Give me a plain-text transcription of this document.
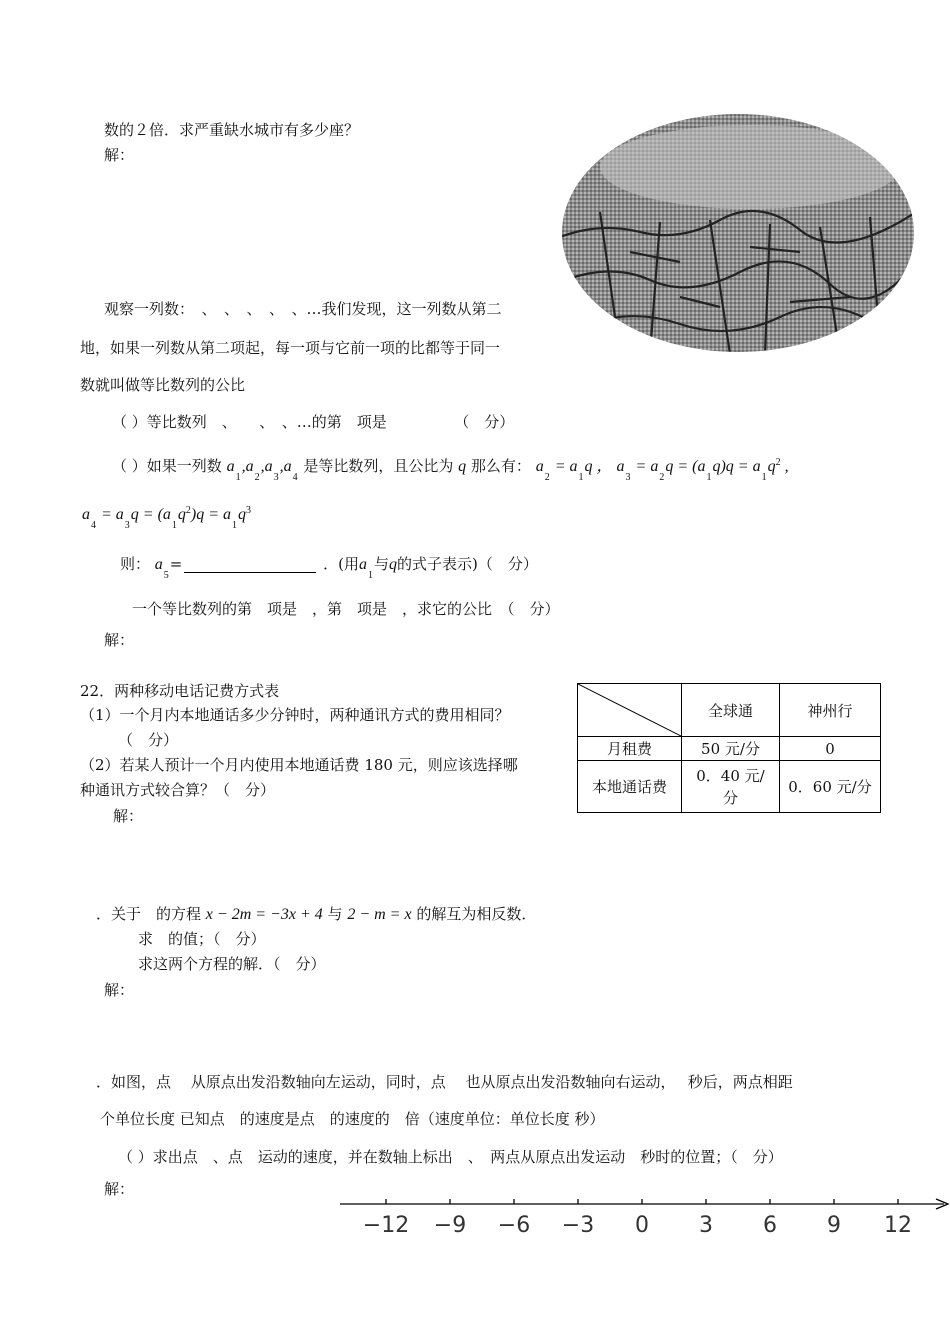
数的２倍．求严重缺水城市有多少座？
解：
观察一列数：　、　、　、　、　、…我们发现，这一列数从第二
地，如果一列数从第二项起，每一项与它前一项的比都等于同一
数就叫做等比数列的公比
（ ）等比数列　、　　、　、…的第　项是　　　　　（　分）
（ ）如果一列数 $a_1,a_2,a_3,a_4$ 是等比数列，且公比为 q 那么有： $a_2 = a_1q$ ， $a_3 = a_2q = (a_1q)q = a_1q^2$ ,
$a_4 = a_3q = (a_1q^2)q = a_1q^3$
则： $a_5=$	．(用$a_1$与q的式子表示)（　分）
一个等比数列的第　项是　，第　项是　，求它的公比　（　分）
解：
22．两种移动电话记费方式表
（1）一个月内本地通话多少分钟时，两种通讯方式的费用相同？
（　分）
（2）若某人预计一个月内使用本地通话费 180 元，则应该选择哪
种通讯方式较合算？（　分）
解：
	全球通	神州行
月租费	50 元/分	0
本地通话费	0．40 元/分	0．60 元/分
．关于　的方程 x − 2m = −3x + 4 与 2 − m = x 的解互为相反数．
求　的值；（　分）
求这两个方程的解．（　分）
解：
．如图，点　 从原点出发沿数轴向左运动，同时，点　 也从原点出发沿数轴向右运动，　 秒后，两点相距
个单位长度 已知点　的速度是点　的速度的　倍（速度单位：单位长度 秒）
（ ）求出点　、点　运动的速度，并在数轴上标出　、　两点从原点出发运动　秒时的位置；（　分）
解：
−12 −9 −6 −3 0 3 6 9 12
